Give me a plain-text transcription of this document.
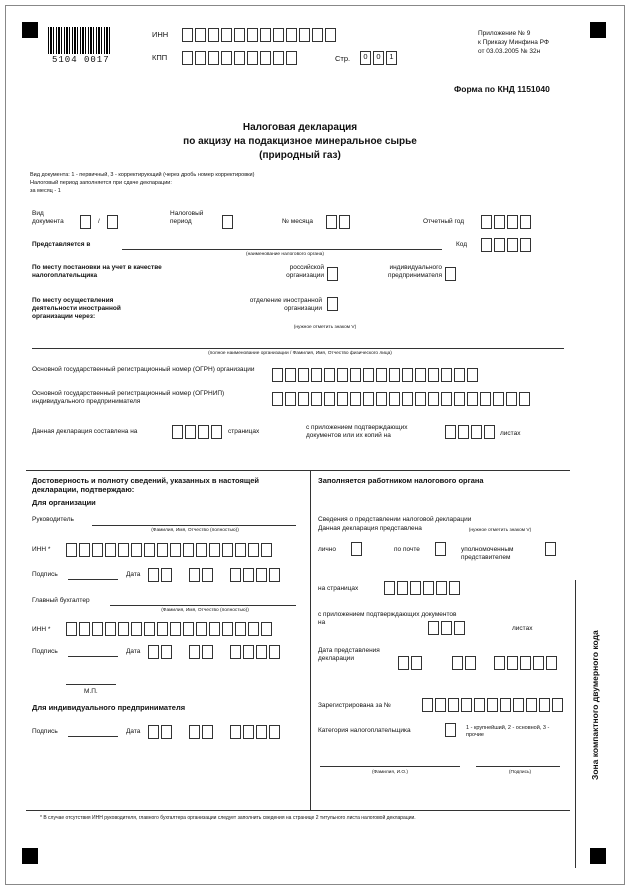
5104 0017
ИНН
КПП	Стр.	0	0	1
Приложение № 9
к Приказу Минфина РФ
от 03.03.2005 № 32н
Форма по КНД 1151040
Налоговая декларация
по акцизу на подакцизное минеральное сырье
(природный газ)
Вид документа: 1 - первичный, 3 - корректирующий (через дробь номер корректировки)
Налоговый период заполняется при сдаче декларации:
за месяц - 1
Вид документа	/
Налоговый период	№ месяца	Отчетный год
Представляется в
(наименование налогового органа)
Код
По месту постановки на учет в качестве налогоплательщика
российской организации
индивидуального предпринимателя
По месту осуществления деятельности иностранной организации через:
отделение иностранной организации
(нужное отметить знаком V)
(полное наименование организации / Фамилия, Имя, Отчество физического лица)
Основной государственный регистрационный номер (ОГРН) организации
Основной государственный регистрационный номер (ОГРНИП) индивидуального предпринимателя
Данная декларация составлена на	страницах
с приложением подтверждающих документов или их копий на	листах
Достоверность и полноту сведений, указанных в настоящей декларации, подтверждаю:
Для организации
Руководитель
(Фамилия, Имя, Отчество (полностью))
ИНН *
Подпись	Дата
Главный бухгалтер
(Фамилия, Имя, Отчество (полностью))
ИНН *
Подпись	Дата
М.П.
Для индивидуального предпринимателя
Подпись	Дата
Заполняется работником налогового органа
Сведения о представлении налоговой декларации
Данная декларация представлена	(нужное отметить знаком V)
лично	по почте	уполномоченным представителем
на страницах
с приложением подтверждающих документов на
листах
Дата представления декларации
Зарегистрирована за №
Категория налогоплательщика	1 - крупнейший, 2 - основной, 3 - прочие
(Фамилия, И.О.)	(Подпись)
* В случае отсутствия ИНН руководителя, главного бухгалтера организации следует заполнить сведения на странице 2 титульного листа налоговой декларации.
Зона компактного двумерного кода
